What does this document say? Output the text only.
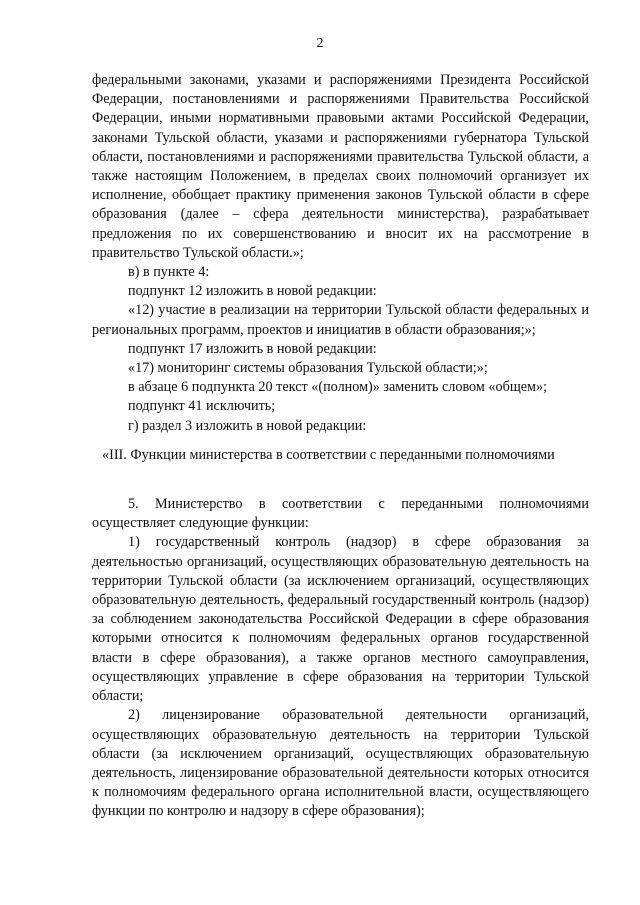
2

федеральными законами, указами и распоряжениями Президента Российской Федерации, постановлениями и распоряжениями Правительства Российской Федерации, иными нормативными правовыми актами Российской Федерации, законами Тульской области, указами и распоряжениями губернатора Тульской области, постановлениями и распоряжениями правительства Тульской области, а также настоящим Положением, в пределах своих полномочий организует их исполнение, обобщает практику применения законов Тульской области в сфере образования (далее – сфера деятельности министерства), разрабатывает предложения по их совершенствованию и вносит их на рассмотрение в правительство Тульской области.»;

в) в пункте 4:

подпункт 12 изложить в новой редакции:

«12) участие в реализации на территории Тульской области федеральных и региональных программ, проектов и инициатив в области образования;»;

подпункт 17 изложить в новой редакции:

«17) мониторинг системы образования Тульской области;»;

в абзаце 6 подпункта 20 текст «(полном)» заменить словом «общем»;

подпункт 41 исключить;

г) раздел 3 изложить в новой редакции:

«III. Функции министерства в соответствии с переданными полномочиями

5. Министерство в соответствии с переданными полномочиями осуществляет следующие функции:

1) государственный контроль (надзор) в сфере образования за деятельностью организаций, осуществляющих образовательную деятельность на территории Тульской области (за исключением организаций, осуществляющих образовательную деятельность, федеральный государственный контроль (надзор) за соблюдением законодательства Российской Федерации в сфере образования которыми относится к полномочиям федеральных органов государственной власти в сфере образования), а также органов местного самоуправления, осуществляющих управление в сфере образования на территории Тульской области;

2) лицензирование образовательной деятельности организаций, осуществляющих образовательную деятельность на территории Тульской области (за исключением организаций, осуществляющих образовательную деятельность, лицензирование образовательной деятельности которых относится к полномочиям федерального органа исполнительной власти, осуществляющего функции по контролю и надзору в сфере образования);
